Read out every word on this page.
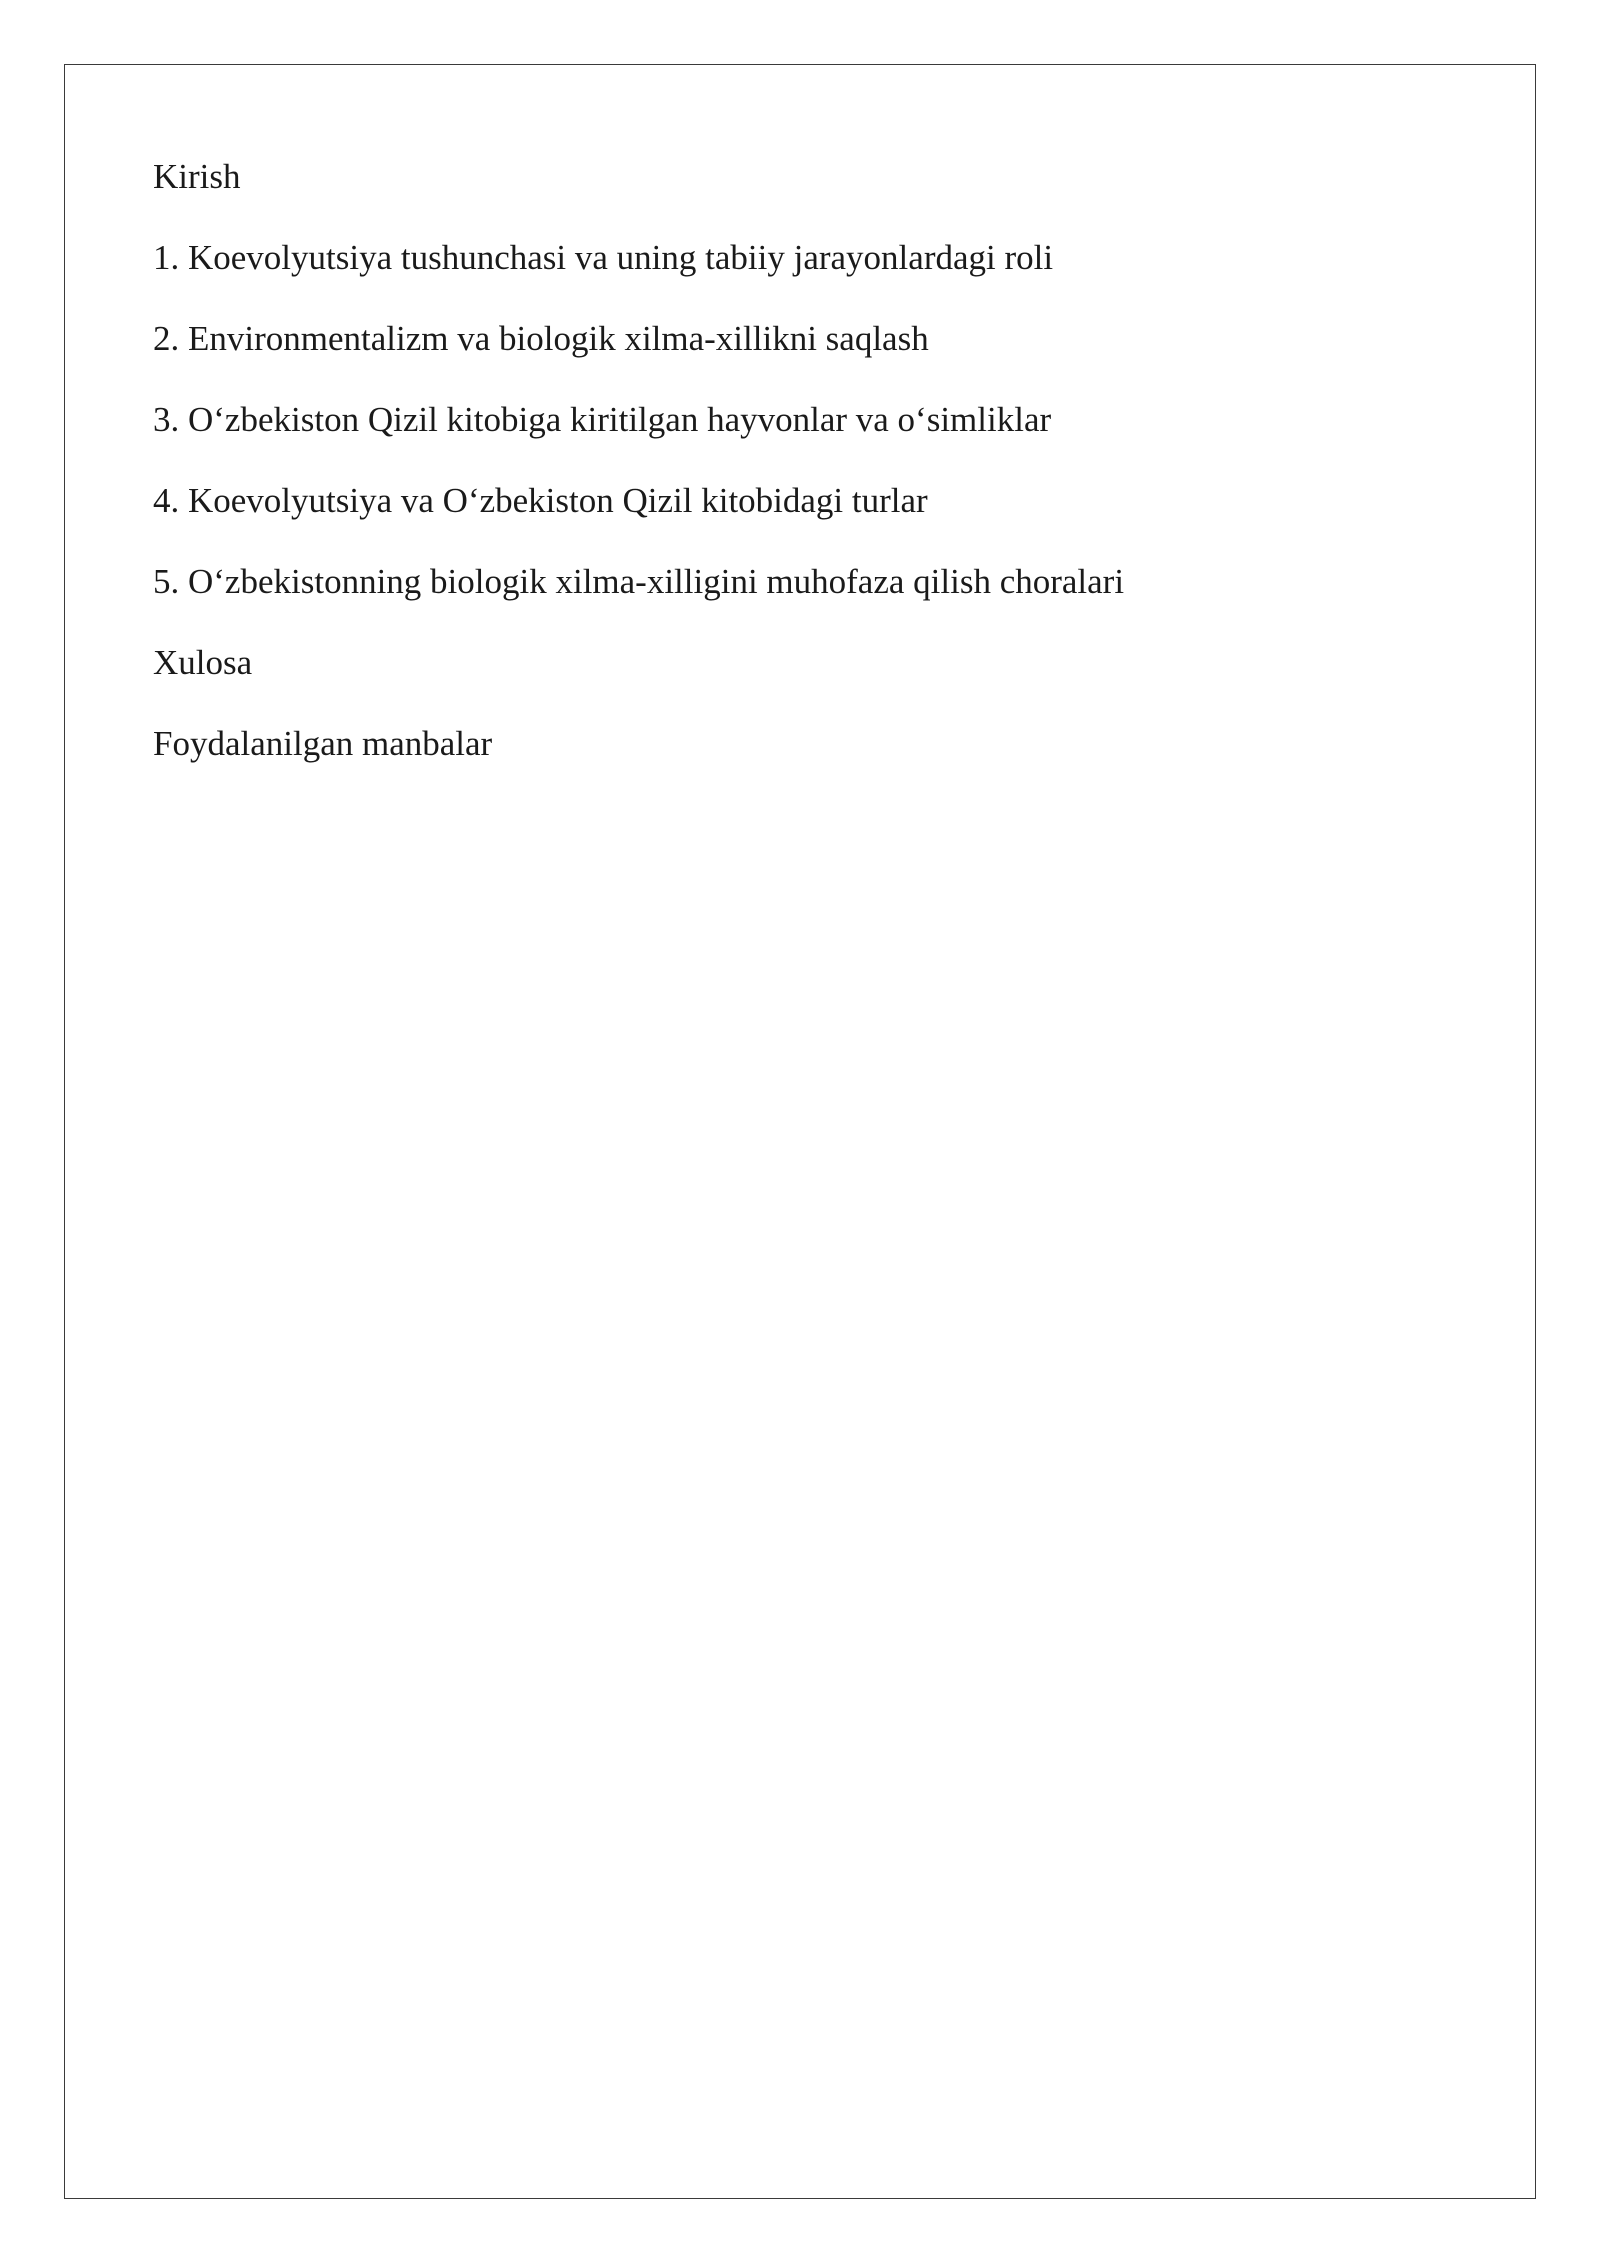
Kirish
1. Koevolyutsiya tushunchasi va uning tabiiy jarayonlardagi roli
2. Environmentalizm va biologik xilma-xillikni saqlash
3. O‘zbekiston Qizil kitobiga kiritilgan hayvonlar va o‘simliklar
4. Koevolyutsiya va O‘zbekiston Qizil kitobidagi turlar
5. O‘zbekistonning biologik xilma-xilligini muhofaza qilish choralari
Xulosa
Foydalanilgan manbalar
